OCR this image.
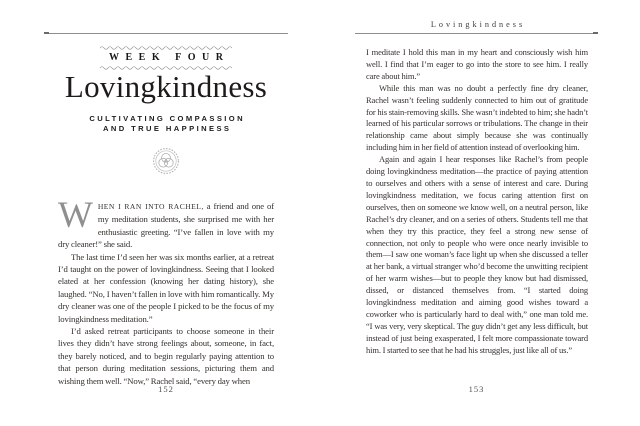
WEEK FOUR
Lovingkindness
CULTIVATING COMPASSION
AND TRUE HAPPINESS

WHEN I RAN INTO RACHEL, a friend and one of my meditation students, she surprised me with her enthusiastic greeting. “I’ve fallen in love with my dry cleaner!” she said.

The last time I’d seen her was six months earlier, at a retreat I’d taught on the power of lovingkindness. Seeing that I looked elated at her confession (knowing her dating history), she laughed. “No, I haven’t fallen in love with him romantically. My dry cleaner was one of the people I picked to be the focus of my lovingkindness meditation.”

I’d asked retreat participants to choose someone in their lives they didn’t have strong feelings about, someone, in fact, they barely noticed, and to begin regularly paying attention to that person during meditation sessions, picturing them and wishing them well. “Now,” Rachel said, “every day when

152
Lovingkindness

I meditate I hold this man in my heart and consciously wish him well. I find that I’m eager to go into the store to see him. I really care about him.”

While this man was no doubt a perfectly fine dry cleaner, Rachel wasn’t feeling suddenly connected to him out of gratitude for his stain-removing skills. She wasn’t indebted to him; she hadn’t learned of his particular sorrows or tribulations. The change in their relationship came about simply because she was continually including him in her field of attention instead of overlooking him.

Again and again I hear responses like Rachel’s from people doing lovingkindness meditation—the practice of paying attention to ourselves and others with a sense of interest and care. During lovingkindness meditation, we focus caring attention first on ourselves, then on someone we know well, on a neutral person, like Rachel’s dry cleaner, and on a series of others. Students tell me that when they try this practice, they feel a strong new sense of connection, not only to people who were once nearly invisible to them—I saw one woman’s face light up when she discussed a teller at her bank, a virtual stranger who’d become the unwitting recipient of her warm wishes—but to people they know but had dismissed, dissed, or distanced themselves from. “I started doing lovingkindness meditation and aiming good wishes toward a coworker who is particularly hard to deal with,” one man told me. “I was very, very skeptical. The guy didn’t get any less difficult, but instead of just being exasperated, I felt more compassionate toward him. I started to see that he had his struggles, just like all of us.”

153
